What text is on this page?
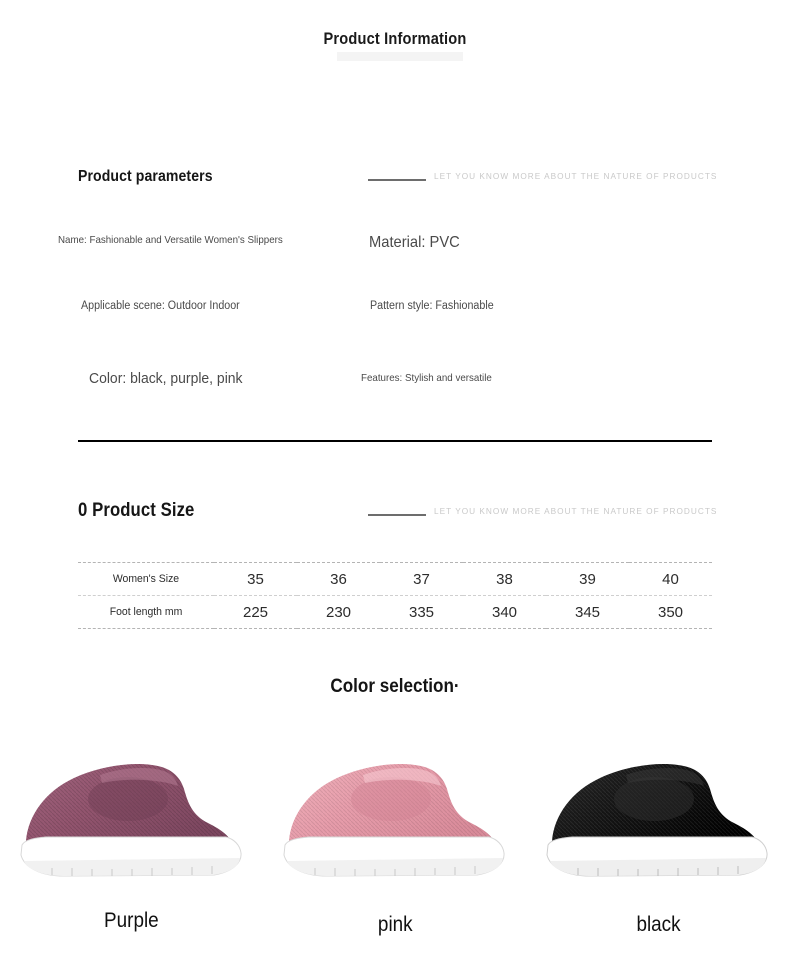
Product Information
Product parameters	LET YOU KNOW MORE ABOUT THE NATURE OF PRODUCTS
Name: Fashionable and Versatile Women's Slippers	Material: PVC
Applicable scene: Outdoor Indoor	Pattern style: Fashionable
Color: black, purple, pink	Features: Stylish and versatile
0 Product Size	LET YOU KNOW MORE ABOUT THE NATURE OF PRODUCTS
Women's Size	35	36	37	38	39	40
Foot length mm	225	230	335	340	345	350
Color selection·
Purple	pink	black
